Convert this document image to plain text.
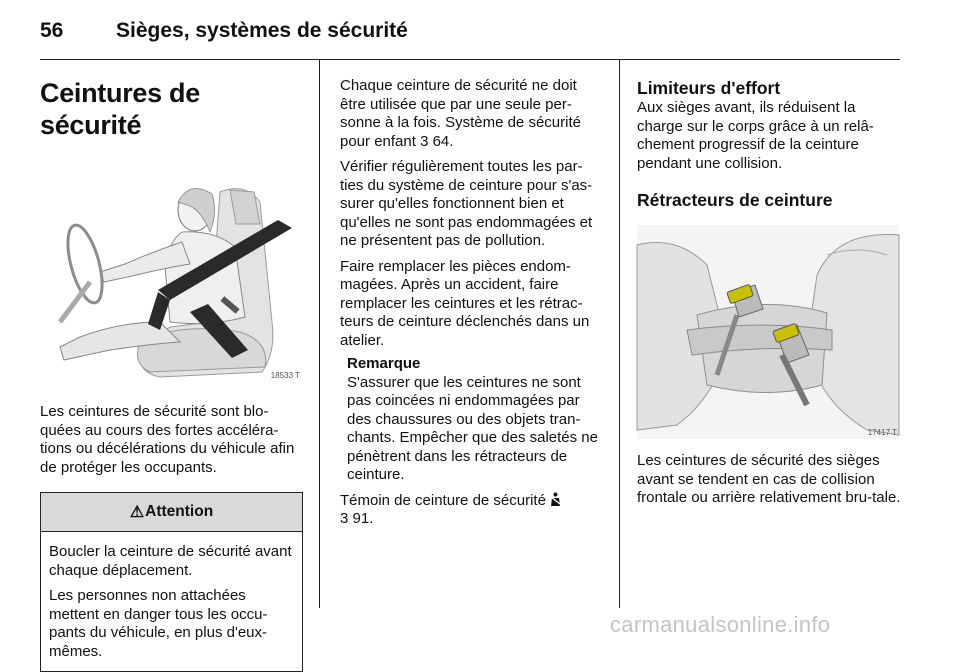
56	Sièges, systèmes de sécurité
Ceintures de sécurité
18533 T

Les ceintures de sécurité sont blo-quées au cours des fortes accéléra-tions ou décélérations du véhicule afin de protéger les occupants.

⚠ Attention

Boucler la ceinture de sécurité avant chaque déplacement.

Les personnes non attachées mettent en danger tous les occu-pants du véhicule, en plus d'eux-mêmes.

Chaque ceinture de sécurité ne doit être utilisée que par une seule per-sonne à la fois. Système de sécurité pour enfant 3 64.

Vérifier régulièrement toutes les par-ties du système de ceinture pour s'as-surer qu'elles fonctionnent bien et qu'elles ne sont pas endommagées et ne présentent pas de pollution.

Faire remplacer les pièces endom-magées. Après un accident, faire remplacer les ceintures et les rétrac-teurs de ceinture déclenchés dans un atelier.

Remarque

S'assurer que les ceintures ne sont pas coincées ni endommagées par des chaussures ou des objets tran-chants. Empêcher que des saletés ne pénètrent dans les rétracteurs de ceinture.

Témoin de ceinture de sécurité
3 91.

Limiteurs d'effort

Aux sièges avant, ils réduisent la charge sur le corps grâce à un relâ-chement progressif de la ceinture pendant une collision.

Rétracteurs de ceinture
17417 T

Les ceintures de sécurité des sièges avant se tendent en cas de collision frontale ou arrière relativement bru-tale.

carmanualsonline.info
